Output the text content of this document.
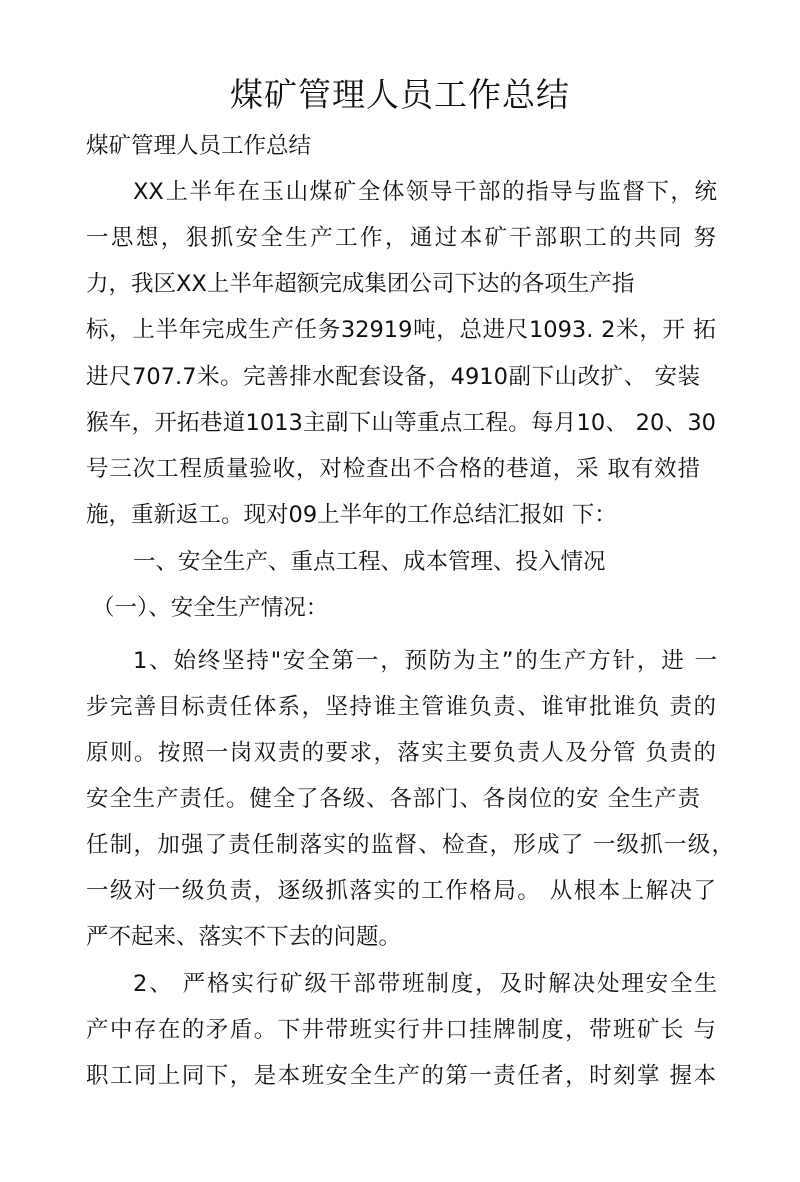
煤矿管理人员工作总结

煤矿管理人员工作总结

XX上半年在玉山煤矿全体领导干部的指导与监督下，统

一思想，狠抓安全生产工作，通过本矿干部职工的共同 努

力，我区XX上半年超额完成集团公司下达的各项生产指

标，上半年完成生产任务32919吨，总进尺1093. 2米，开 拓

进尺707.7米。完善排水配套设备，4910副下山改扩、 安装

猴车，开拓巷道1013主副下山等重点工程。每月10、 20、30

号三次工程质量验收，对检查出不合格的巷道，采 取有效措

施，重新返工。现对09上半年的工作总结汇报如 下：

一、安全生产、重点工程、成本管理、投入情况

（一）、安全生产情况：

1、始终坚持"安全第一，预防为主”的生产方针，进 一

步完善目标责任体系，坚持谁主管谁负责、谁审批谁负 责的

原则。按照一岗双责的要求，落实主要负责人及分管 负责的

安全生产责任。健全了各级、各部门、各岗位的安 全生产责

任制，加强了责任制落实的监督、检查，形成了 一级抓一级，

一级对一级负责，逐级抓落实的工作格局。 从根本上解决了

严不起来、落实不下去的问题。

2、 严格实行矿级干部带班制度，及时解决处理安全生

产中存在的矛盾。下井带班实行井口挂牌制度，带班矿长 与

职工同上同下，是本班安全生产的第一责任者，时刻掌 握本
